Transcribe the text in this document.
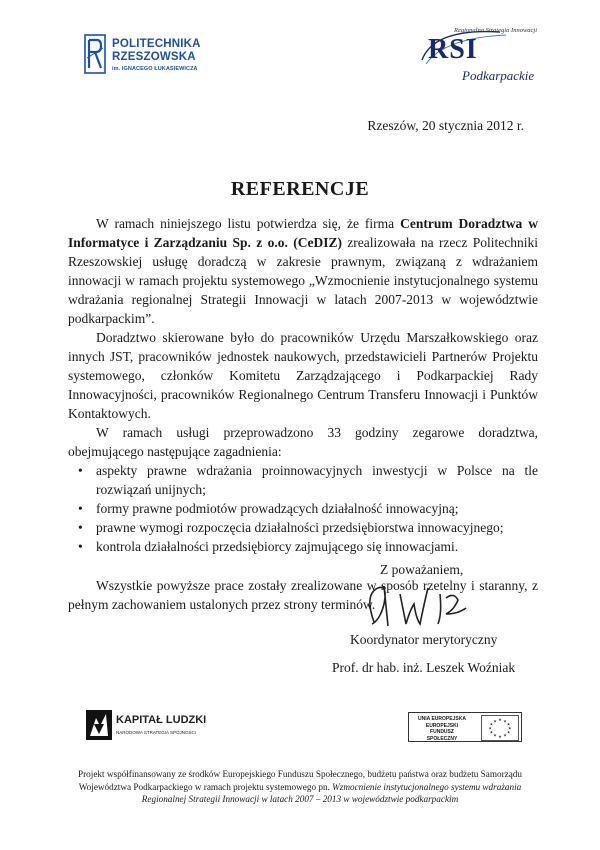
POLITECHNIKA
RZESZOWSKA
im. IGNACEGO ŁUKASIEWICZA
Regionalna Strategia Innowacji
RSI
Podkarpackie
Rzeszów, 20 stycznia 2012 r.
REFERENCJE

W ramach niniejszego listu potwierdza się, że firma Centrum Doradztwa w Informatyce i Zarządzaniu Sp. z o.o. (CeDIZ) zrealizowała na rzecz Politechniki Rzeszowskiej usługę doradczą w zakresie prawnym, związaną z wdrażaniem innowacji w ramach projektu systemowego „Wzmocnienie instytucjonalnego systemu wdrażania regionalnej Strategii Innowacji w latach 2007-2013 w województwie podkarpackim”.

Doradztwo skierowane było do pracowników Urzędu Marszałkowskiego oraz innych JST, pracowników jednostek naukowych, przedstawicieli Partnerów Projektu systemowego, członków Komitetu Zarządzającego i Podkarpackiej Rady Innowacyjności, pracowników Regionalnego Centrum Transferu Innowacji i Punktów Kontaktowych.

W ramach usługi przeprowadzono 33 godziny zegarowe doradztwa, obejmującego następujące zagadnienia:

• aspekty prawne wdrażania proinnowacyjnych inwestycji w Polsce na tle rozwiązań unijnych;
• formy prawne podmiotów prowadzących działalność innowacyjną;
• prawne wymogi rozpoczęcia działalności przedsiębiorstwa innowacyjnego;
• kontrola działalności przedsiębiorcy zajmującego się innowacjami.

Wszystkie powyższe prace zostały zrealizowane w sposób rzetelny i staranny, z pełnym zachowaniem ustalonych przez strony terminów.

Z poważaniem,
Koordynator merytoryczny
Prof. dr hab. inż. Leszek Woźniak
KAPITAŁ LUDZKI
NARODOWA STRATEGIA SPÓJNOŚCI
UNIA EUROPEJSKA
EUROPEJSKI
FUNDUSZ SPOŁECZNY
★ ★
★
★
★
★
★
★
★
★
★
★
Projekt współfinansowany ze środków Europejskiego Funduszu Społecznego, budżetu państwa oraz budżetu Samorządu
Województwa Podkarpackiego w ramach projektu systemowego pn. Wzmocnienie instytucjonalnego systemu wdrażania
Regionalnej Strategii Innowacji w latach 2007 – 2013 w województwie podkarpackim
